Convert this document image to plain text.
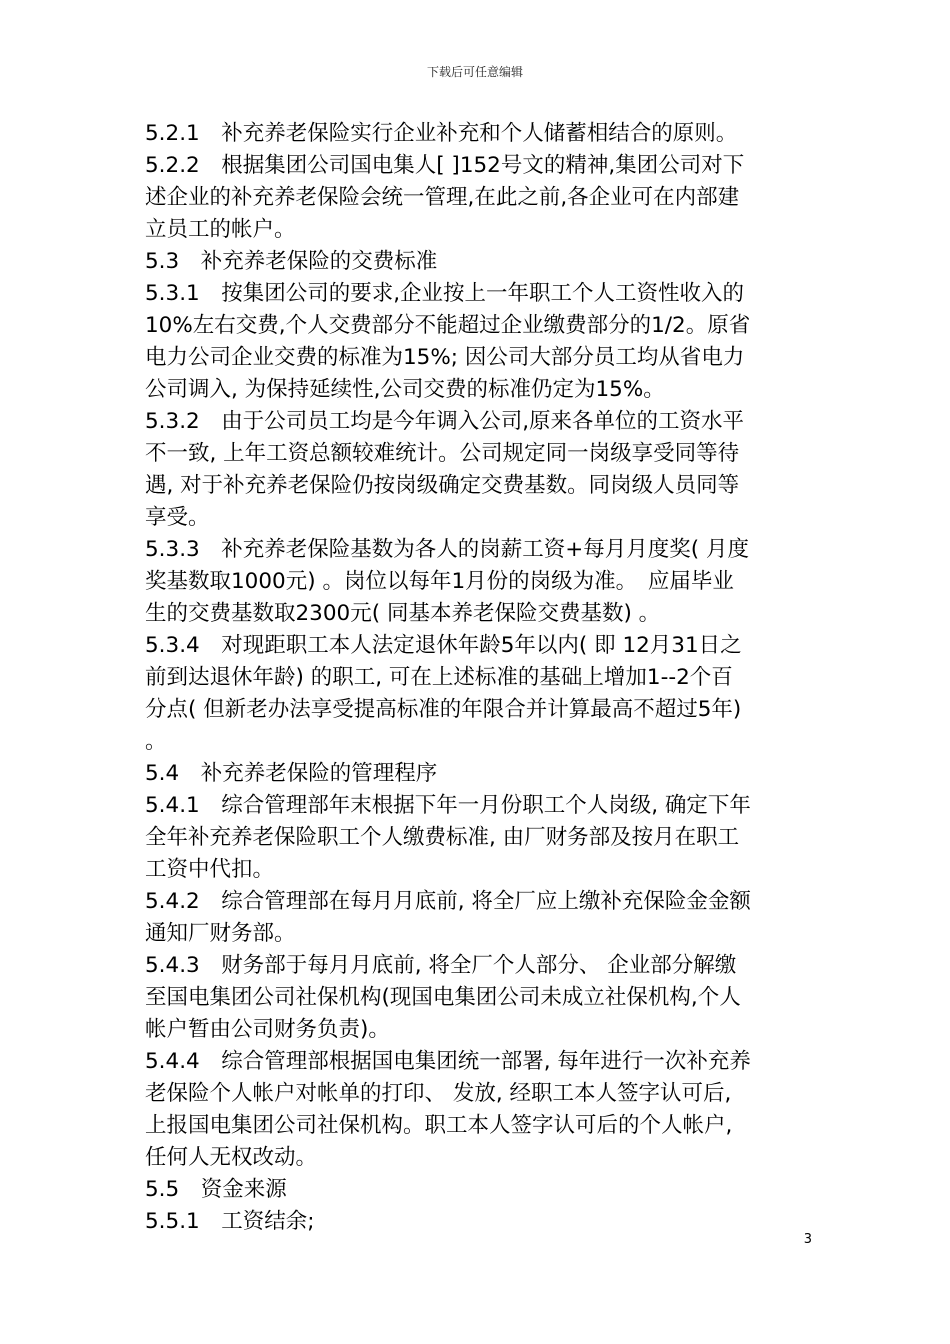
下载后可任意编辑
5.2.1　补充养老保险实行企业补充和个人储蓄相结合的原则。
5.2.2　根据集团公司国电集人[ ]152号文的精神,集团公司对下
述企业的补充养老保险会统一管理,在此之前,各企业可在内部建
立员工的帐户。
5.3　补充养老保险的交费标准
5.3.1　按集团公司的要求,企业按上一年职工个人工资性收入的
10%左右交费,个人交费部分不能超过企业缴费部分的1/2。原省
电力公司企业交费的标准为15%; 因公司大部分员工均从省电力
公司调入, 为保持延续性,公司交费的标准仍定为15%。
5.3.2　由于公司员工均是今年调入公司,原来各单位的工资水平
不一致, 上年工资总额较难统计。公司规定同一岗级享受同等待
遇, 对于补充养老保险仍按岗级确定交费基数。同岗级人员同等
享受。
5.3.3　补充养老保险基数为各人的岗薪工资+每月月度奖( 月度
奖基数取1000元) 。岗位以每年1月份的岗级为准。　应届毕业
生的交费基数取2300元( 同基本养老保险交费基数) 。
5.3.4　对现距职工本人法定退休年龄5年以内( 即 12月31日之
前到达退休年龄) 的职工, 可在上述标准的基础上增加1--2个百
分点( 但新老办法享受提高标准的年限合并计算最高不超过5年)
。
5.4　补充养老保险的管理程序
5.4.1　综合管理部年末根据下年一月份职工个人岗级, 确定下年
全年补充养老保险职工个人缴费标准, 由厂财务部及按月在职工
工资中代扣。
5.4.2　综合管理部在每月月底前, 将全厂应上缴补充保险金金额
通知厂财务部。
5.4.3　财务部于每月月底前, 将全厂个人部分、 企业部分解缴
至国电集团公司社保机构(现国电集团公司未成立社保机构,个人
帐户暂由公司财务负责)。
5.4.4　综合管理部根据国电集团统一部署, 每年进行一次补充养
老保险个人帐户对帐单的打印、 发放, 经职工本人签字认可后,
上报国电集团公司社保机构。职工本人签字认可后的个人帐户,
任何人无权改动。
5.5　资金来源
5.5.1　工资结余;
3
